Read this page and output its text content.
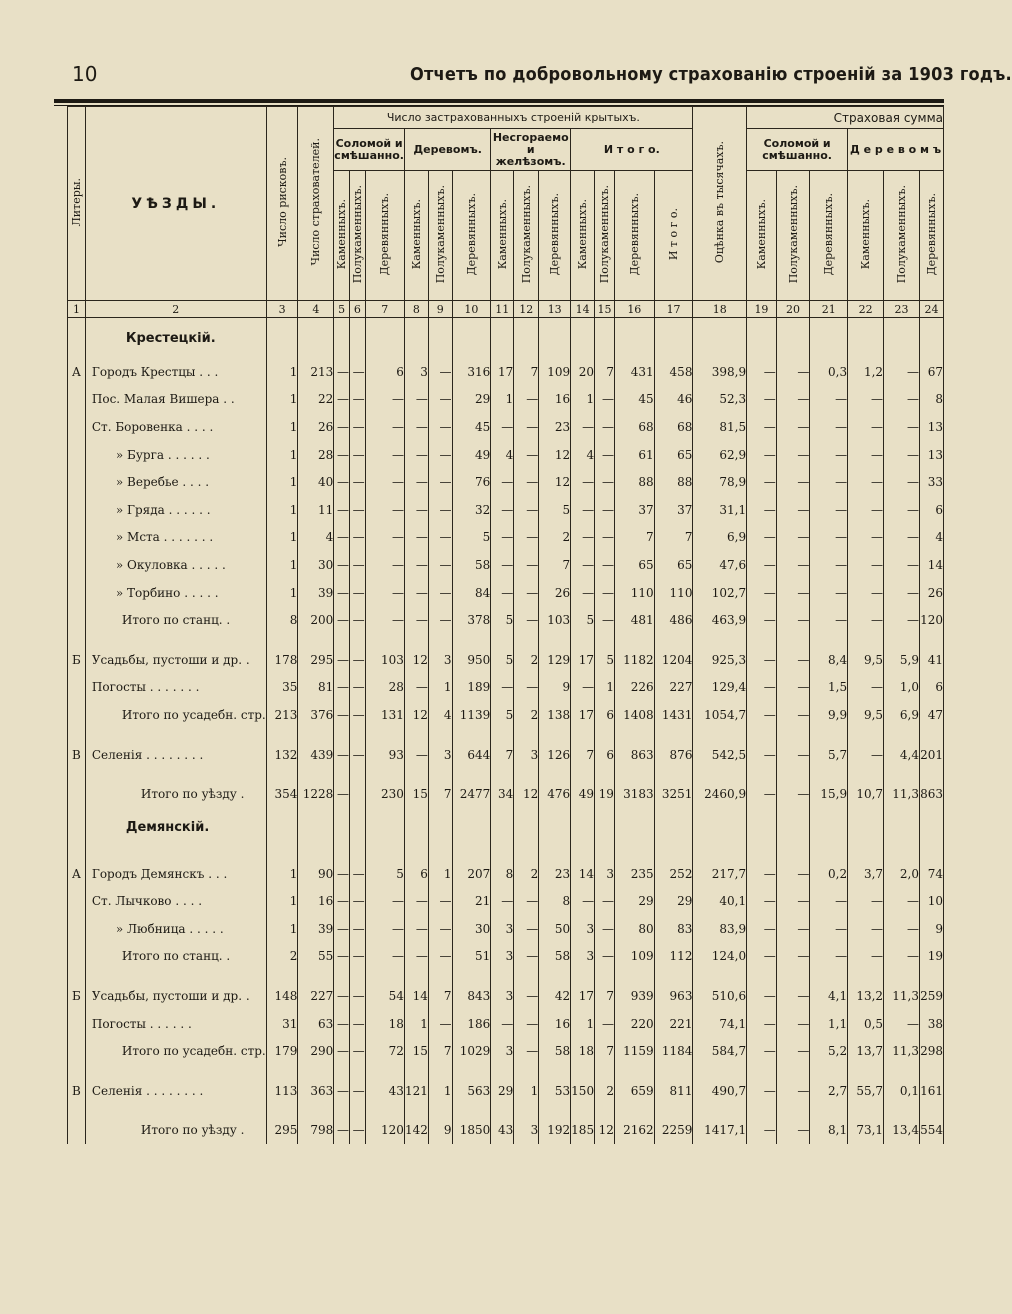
10	Отчетъ по добровольному страхованію строеній за 1903 годъ.
Литеры.	УѢЗДЫ.	Число рисковъ.	Число страхователей.	Число застрахованныхъ строеній крытыхъ.													Оцѣнка въ тысячахъ.	Страховая сумма					
				Соломой и смѣшанно.			Деревомъ.			Несгораемо и желѣзомъ.			И т о г о.					Соломой и смѣшанно.			Д е р е в о м ъ		
				Каменныхъ.	Полукаменныхъ.	Деревянныхъ.	Каменныхъ.	Полукаменныхъ.	Деревянныхъ.	Каменныхъ.	Полукаменныхъ.	Деревянныхъ.	Каменныхъ.	Полукаменныхъ.	Деревянныхъ.	И т о г о.		Каменныхъ.	Полукаменныхъ.	Деревянныхъ.	Каменныхъ.	Полукаменныхъ.	Деревянныхъ.
1	2	3	4	5	6	7	8	9	10	11	12	13	14	15	16	17	18	19	20	21	22	23	24
	Крестецкій.																						
А	Городъ Крестцы . . .	1	213	—	—	6	3	—	316	17	7	109	20	7	431	458	398,9	—	—	0,3	1,2	—	67
	Пос. Малая Вишера . .	1	22	—	—	—	—	—	29	1	—	16	1	—	45	46	52,3	—	—	—	—	—	8
	Ст. Боровенка . . . .	1	26	—	—	—	—	—	45	—	—	23	—	—	68	68	81,5	—	—	—	—	—	13
	» Бурга . . . . . .	1	28	—	—	—	—	—	49	4	—	12	4	—	61	65	62,9	—	—	—	—	—	13
	» Веребье . . . .	1	40	—	—	—	—	—	76	—	—	12	—	—	88	88	78,9	—	—	—	—	—	33
	» Гряда . . . . . .	1	11	—	—	—	—	—	32	—	—	5	—	—	37	37	31,1	—	—	—	—	—	6
	» Мста . . . . . . .	1	4	—	—	—	—	—	5	—	—	2	—	—	7	7	6,9	—	—	—	—	—	4
	» Окуловка . . . . .	1	30	—	—	—	—	—	58	—	—	7	—	—	65	65	47,6	—	—	—	—	—	14
	» Торбино . . . . .	1	39	—	—	—	—	—	84	—	—	26	—	—	110	110	102,7	—	—	—	—	—	26
	Итого по станц. .	8	200	—	—	—	—	—	378	5	—	103	5	—	481	486	463,9	—	—	—	—	—	120

Б	Усадьбы, пустоши и др. .	178	295	—	—	103	12	3	950	5	2	129	17	5	1182	1204	925,3	—	—	8,4	9,5	5,9	41
	Погосты . . . . . . .	35	81	—	—	28	—	1	189	—	—	9	—	1	226	227	129,4	—	—	1,5	—	1,0	6
	Итого по усадебн. стр.	213	376	—	—	131	12	4	1139	5	2	138	17	6	1408	1431	1054,7	—	—	9,9	9,5	6,9	47

В	Селенія . . . . . . . .	132	439	—	—	93	—	3	644	7	3	126	7	6	863	876	542,5	—	—	5,7	—	4,4	201

	Итого по уѣзду .	354	1228	—		230	15	7	2477	34	12	476	49	19	3183	3251	2460,9	—	—	15,9	10,7	11,3	863
	Демянскій.																						

А	Городъ Демянскъ . . .	1	90	—	—	5	6	1	207	8	2	23	14	3	235	252	217,7	—	—	0,2	3,7	2,0	74
	Ст. Лычково . . . .	1	16	—	—	—	—	—	21	—	—	8	—	—	29	29	40,1	—	—	—	—	—	10
	» Любница . . . . .	1	39	—	—	—	—	—	30	3	—	50	3	—	80	83	83,9	—	—	—	—	—	9
	Итого по станц. .	2	55	—	—	—	—	—	51	3	—	58	3	—	109	112	124,0	—	—	—	—	—	19

Б	Усадьбы, пустоши и др. .	148	227	—	—	54	14	7	843	3	—	42	17	7	939	963	510,6	—	—	4,1	13,2	11,3	259
	Погосты . . . . . .	31	63	—	—	18	1	—	186	—	—	16	1	—	220	221	74,1	—	—	1,1	0,5	—	38
	Итого по усадебн. стр.	179	290	—	—	72	15	7	1029	3	—	58	18	7	1159	1184	584,7	—	—	5,2	13,7	11,3	298

В	Селенія . . . . . . . .	113	363	—	—	43	121	1	563	29	1	53	150	2	659	811	490,7	—	—	2,7	55,7	0,1	161

	Итого по уѣзду .	295	798	—	—	120	142	9	1850	43	3	192	185	12	2162	2259	1417,1	—	—	8,1	73,1	13,4	554
